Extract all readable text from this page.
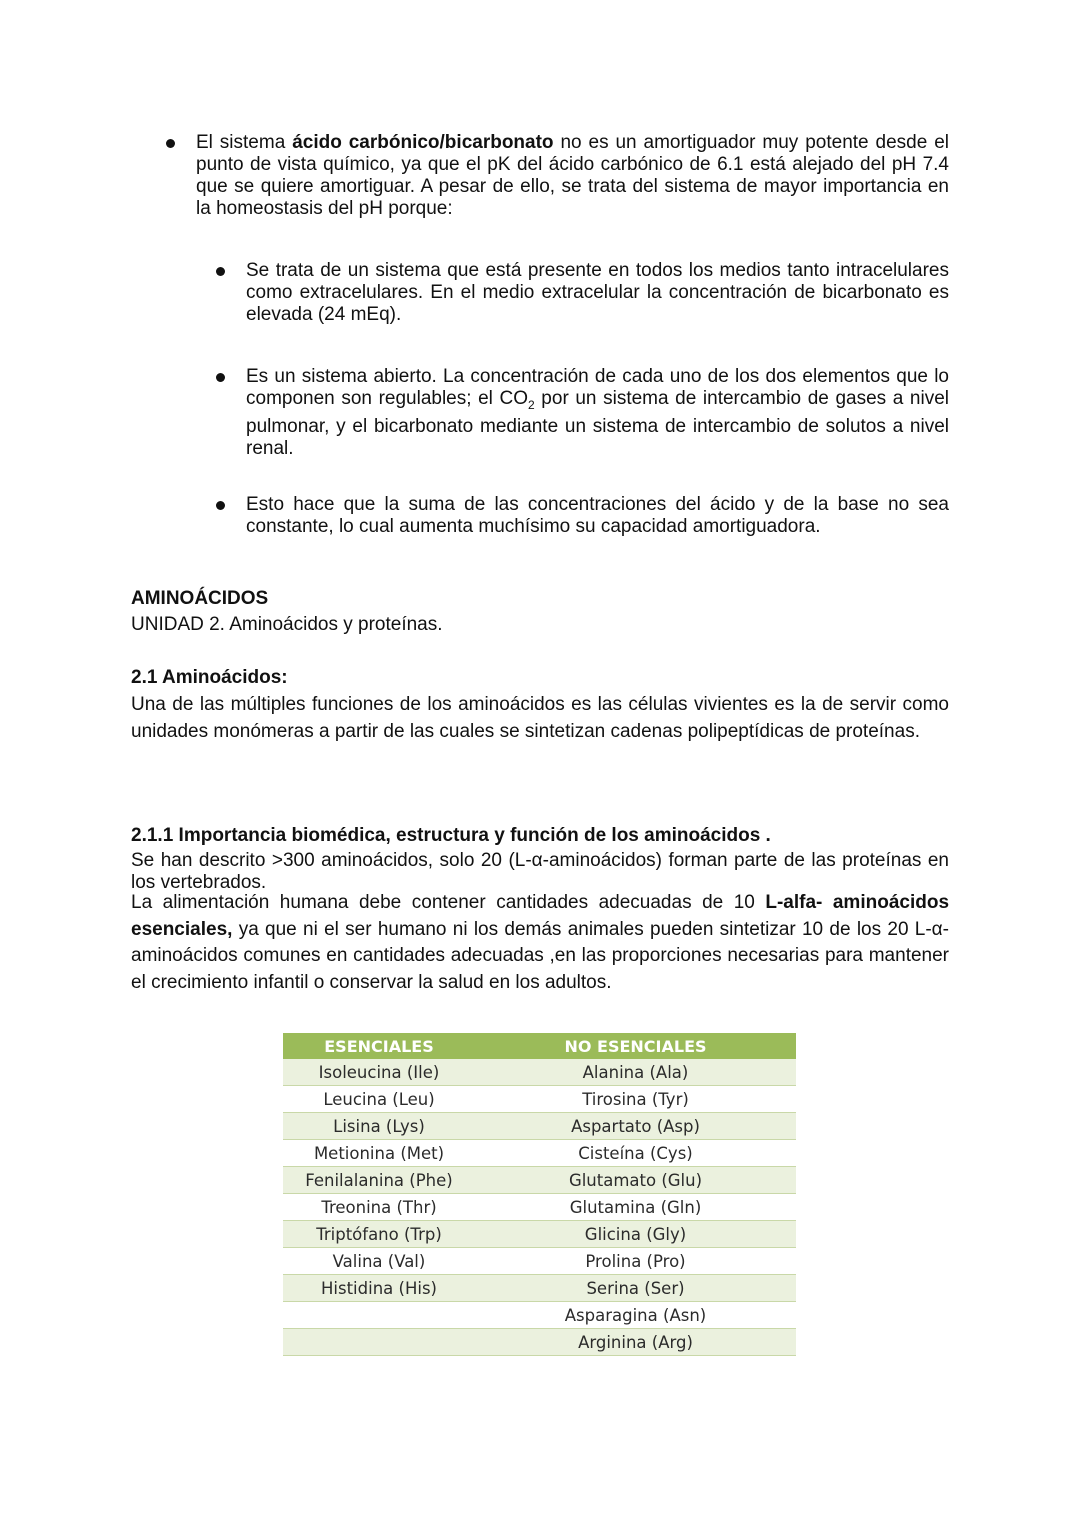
El sistema ácido carbónico/bicarbonato no es un amortiguador muy potente desde el punto de vista químico, ya que el pK del ácido carbónico de 6.1 está alejado del pH 7.4 que se quiere amortiguar. A pesar de ello, se trata del sistema de mayor importancia en la homeostasis del pH porque:

Se trata de un sistema que está presente en todos los medios tanto intracelulares como extracelulares. En el medio extracelular la concentración de bicarbonato es elevada (24 mEq).

Es un sistema abierto. La concentración de cada uno de los dos elementos que lo componen son regulables; el $CO_2$ por un sistema de intercambio de gases a nivel pulmonar, y el bicarbonato mediante un sistema de intercambio de solutos a nivel renal.

Esto hace que la suma de las concentraciones del ácido y de la base no sea constante, lo cual aumenta muchísimo su capacidad amortiguadora.

AMINOÁCIDOS
UNIDAD 2. Aminoácidos y proteínas.
2.1 Aminoácidos:

Una de las múltiples funciones de los aminoácidos es las células vivientes es la de servir como unidades monómeras a partir de las cuales se sintetizan cadenas polipeptídicas de proteínas.

2.1.1 Importancia biomédica, estructura y función de los aminoácidos .

Se han descrito >300 aminoácidos, solo 20 (L-α-aminoácidos) forman parte de las proteínas en los vertebrados.

La alimentación humana debe contener cantidades adecuadas de 10 L-alfa- aminoácidos esenciales, ya que ni el ser humano ni los demás animales pueden sintetizar 10 de los 20 L-α-aminoácidos comunes en cantidades adecuadas ,en las proporciones necesarias para mantener el crecimiento infantil o conservar la salud en los adultos.

ESENCIALES	NO ESENCIALES
Isoleucina (Ile)	Alanina (Ala)
Leucina (Leu)	Tirosina (Tyr)
Lisina (Lys)	Aspartato (Asp)
Metionina (Met)	Cisteína (Cys)
Fenilalanina (Phe)	Glutamato (Glu)
Treonina (Thr)	Glutamina (Gln)
Triptófano (Trp)	Glicina (Gly)
Valina (Val)	Prolina (Pro)
Histidina (His)	Serina (Ser)
	Asparagina (Asn)
	Arginina (Arg)
